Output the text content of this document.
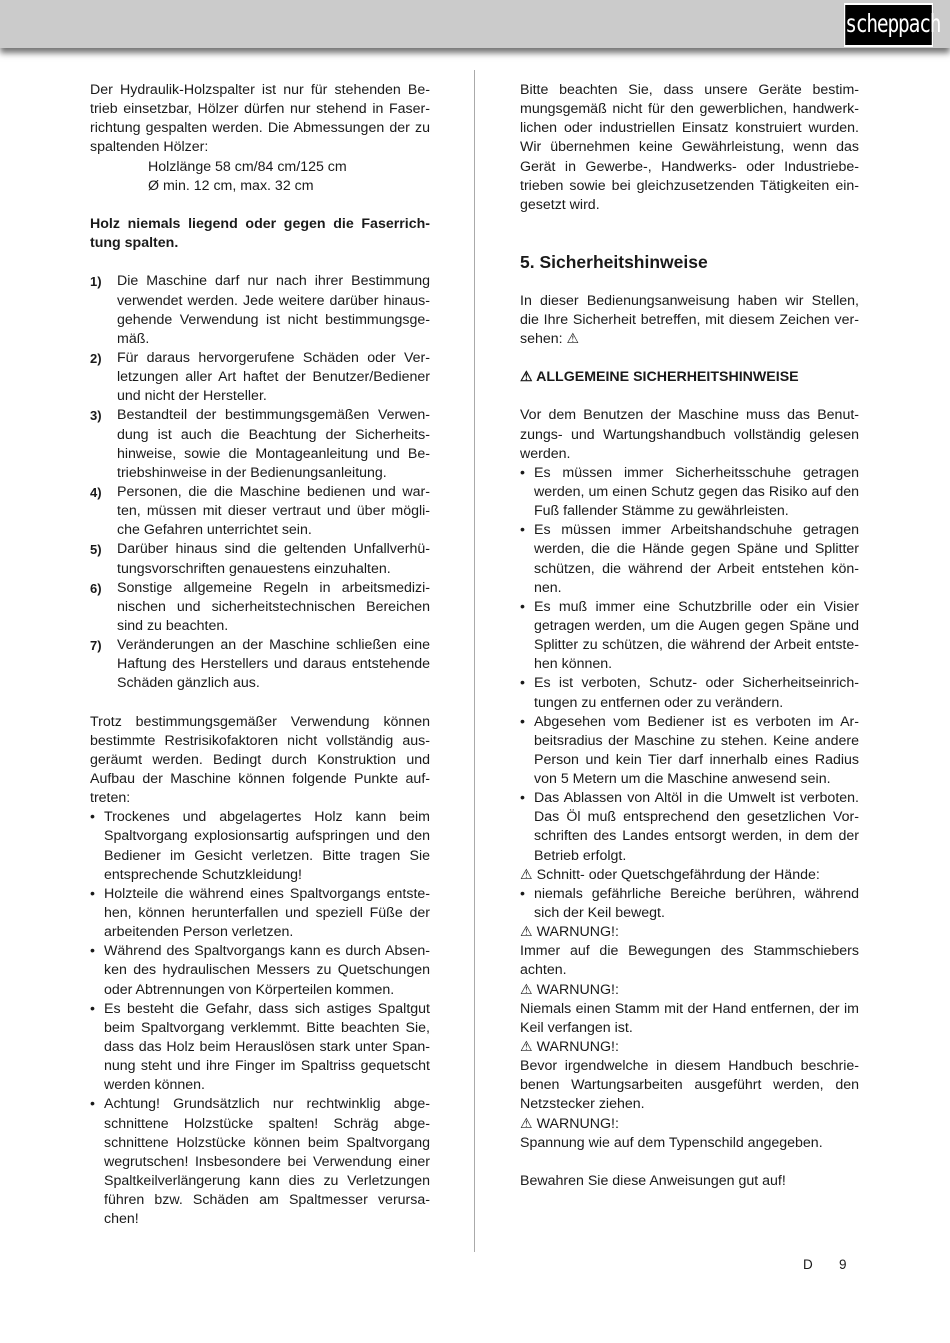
scheppach
Der Hydraulik-Holzspalter ist nur für stehenden Be-
trieb einsetzbar, Hölzer dürfen nur stehend in Faser-
richtung gespalten werden. Die Abmessungen der zu
spaltenden Hölzer:
Holzlänge 58 cm/84 cm/125 cm
Ø min. 12 cm, max. 32 cm
Holz niemals liegend oder gegen die Faserrich-
tung spalten.
1) Die Maschine darf nur nach ihrer Bestimmung
verwendet werden. Jede weitere darüber hinaus-
gehende Verwendung ist nicht bestimmungsge-
mäß.
2) Für daraus hervorgerufene Schäden oder Ver-
letzungen aller Art haftet der Benutzer/Bediener
und nicht der Hersteller.
3) Bestandteil der bestimmungsgemäßen Verwen-
dung ist auch die Beachtung der Sicherheits-
hinweise, sowie die Montageanleitung und Be-
triebshinweise in der Bedienungsanleitung.
4) Personen, die die Maschine bedienen und war-
ten, müssen mit dieser vertraut und über mögli-
che Gefahren unterrichtet sein.
5) Darüber hinaus sind die geltenden Unfallverhü-
tungsvorschriften genauestens einzuhalten.
6) Sonstige allgemeine Regeln in arbeitsmedizi-
nischen und sicherheitstechnischen Bereichen
sind zu beachten.
7) Veränderungen an der Maschine schließen eine
Haftung des Herstellers und daraus entstehende
Schäden gänzlich aus.
Trotz bestimmungsgemäßer Verwendung können
bestimmte Restrisikofaktoren nicht vollständig aus-
geräumt werden. Bedingt durch Konstruktion und
Aufbau der Maschine können folgende Punkte auf-
treten:
• Trockenes und abgelagertes Holz kann beim
Spaltvorgang explosionsartig aufspringen und den
Bediener im Gesicht verletzen. Bitte tragen Sie
entsprechende Schutzkleidung!
• Holzteile die während eines Spaltvorgangs entste-
hen, können herunterfallen und speziell Füße der
arbeitenden Person verletzen.
• Während des Spaltvorgangs kann es durch Absen-
ken des hydraulischen Messers zu Quetschungen
oder Abtrennungen von Körperteilen kommen.
• Es besteht die Gefahr, dass sich astiges Spaltgut
beim Spaltvorgang verklemmt. Bitte beachten Sie,
dass das Holz beim Herauslösen stark unter Span-
nung steht und ihre Finger im Spaltriss gequetscht
werden können.
• Achtung! Grundsätzlich nur rechtwinklig abge-
schnittene Holzstücke spalten! Schräg abge-
schnittene Holzstücke können beim Spaltvorgang
wegrutschen! Insbesondere bei Verwendung einer
Spaltkeilverlängerung kann dies zu Verletzungen
führen bzw. Schäden am Spaltmesser verursa-
chen!
Bitte beachten Sie, dass unsere Geräte bestim-
mungsgemäß nicht für den gewerblichen, handwerk-
lichen oder industriellen Einsatz konstruiert wurden.
Wir übernehmen keine Gewährleistung, wenn das
Gerät in Gewerbe-, Handwerks- oder Industriebe-
trieben sowie bei gleichzusetzenden Tätigkeiten ein-
gesetzt wird.
5. Sicherheitshinweise
In dieser Bedienungsanweisung haben wir Stellen,
die Ihre Sicherheit betreffen, mit diesem Zeichen ver-
sehen: ⚠
⚠ ALLGEMEINE SICHERHEITSHINWEISE
Vor dem Benutzen der Maschine muss das Benut-
zungs- und Wartungshandbuch vollständig gelesen
werden.
• Es müssen immer Sicherheitsschuhe getragen
werden, um einen Schutz gegen das Risiko auf den
Fuß fallender Stämme zu gewährleisten.
• Es müssen immer Arbeitshandschuhe getragen
werden, die die Hände gegen Späne und Splitter
schützen, die während der Arbeit entstehen kön-
nen.
• Es muß immer eine Schutzbrille oder ein Visier
getragen werden, um die Augen gegen Späne und
Splitter zu schützen, die während der Arbeit entste-
hen können.
• Es ist verboten, Schutz- oder Sicherheitseinrich-
tungen zu entfernen oder zu verändern.
• Abgesehen vom Bediener ist es verboten im Ar-
beitsradius der Maschine zu stehen. Keine andere
Person und kein Tier darf innerhalb eines Radius
von 5 Metern um die Maschine anwesend sein.
• Das Ablassen von Altöl in die Umwelt ist verboten.
Das Öl muß entsprechend den gesetzlichen Vor-
schriften des Landes entsorgt werden, in dem der
Betrieb erfolgt.
⚠ Schnitt- oder Quetschgefährdung der Hände:
• niemals gefährliche Bereiche berühren, während
sich der Keil bewegt.
⚠ WARNUNG!:
Immer auf die Bewegungen des Stammschiebers
achten.
⚠ WARNUNG!:
Niemals einen Stamm mit der Hand entfernen, der im
Keil verfangen ist.
⚠ WARNUNG!:
Bevor irgendwelche in diesem Handbuch beschrie-
benen Wartungsarbeiten ausgeführt werden, den
Netzstecker ziehen.
⚠ WARNUNG!:
Spannung wie auf dem Typenschild angegeben.
Bewahren Sie diese Anweisungen gut auf!
D 9
